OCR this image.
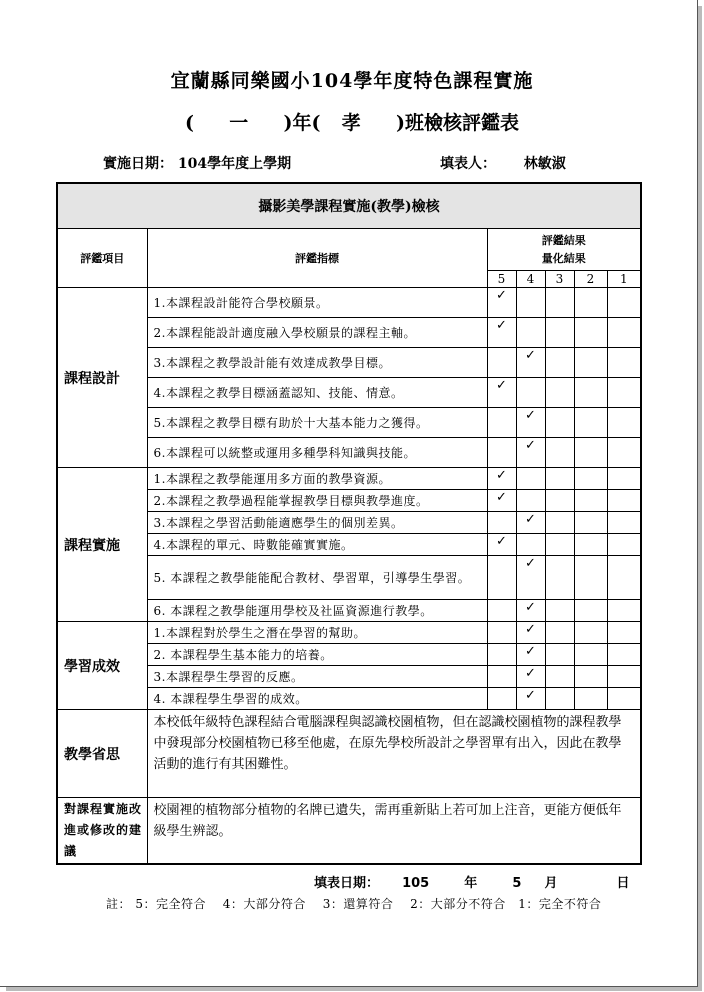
宜蘭縣同樂國小104學年度特色課程實施
( 一 )年( 孝 )班檢核評鑑表
實施日期： 104學年度上學期	填表人： 林敏淑
攝影美學課程實施(教學)檢核						
評鑑項目	評鑑指標	評鑑結果
量化結果				

		5	4	3	2	1
課程設計	1.本課程設計能符合學校願景。	✓				
	2.本課程能設計適度融入學校願景的課程主軸。	✓				
	3.本課程之教學設計能有效達成教學目標。		✓			
	4.本課程之教學目標涵蓋認知、技能、情意。	✓				
	5.本課程之教學目標有助於十大基本能力之獲得。		✓			
	6.本課程可以統整或運用多種學科知識與技能。		✓			
課程實施	1.本課程之教學能運用多方面的教學資源。	✓				
	2.本課程之教學過程能掌握教學目標與教學進度。	✓				
	3.本課程之學習活動能適應學生的個別差異。		✓			
	4.本課程的單元、時數能確實實施。	✓				
	5. 本課程之教學能能配合教材、學習單，引導學生學習。		✓			
	6. 本課程之教學能運用學校及社區資源進行教學。		✓			
學習成效	1.本課程對於學生之潛在學習的幫助。		✓			
	2. 本課程學生基本能力的培養。		✓			
	3.本課程學生學習的反應。		✓			
	4. 本課程學生學習的成效。		✓			
教學省思	本校低年級特色課程結合電腦課程與認識校園植物，但在認識校園植物的課程教學中發現部分校園植物已移至他處，在原先學校所設計之學習單有出入，因此在教學活動的進行有其困難性。					
對課程實施改進或修改的建議	校園裡的植物部分植物的名牌已遺失，需再重新貼上若可加上注音，更能方便低年級學生辨認。					
填表日期： 105	年	5 月	日
註： 5：完全符合　 4：大部分符合　 3：還算符合　 2：大部分不符合　1：完全不符合
